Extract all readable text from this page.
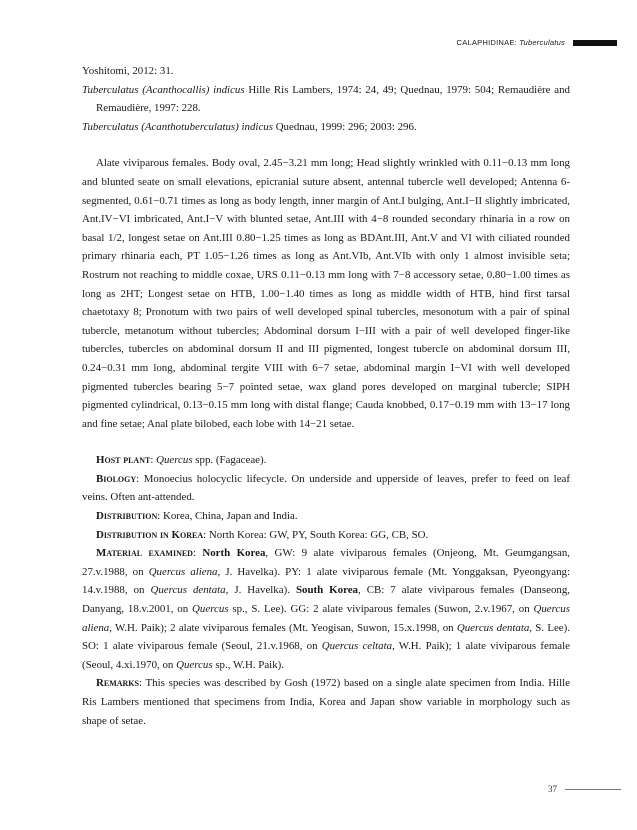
CALAPHIDINAE: Tuberculatus

Yoshitomi, 2012: 31.

Tuberculatus (Acanthocallis) indicus Hille Ris Lambers, 1974: 24, 49; Quednau, 1979: 504; Remaudière and Remaudière, 1997: 228.

Tuberculatus (Acanthotuberculatus) indicus Quednau, 1999: 296; 2003: 296.

Alate viviparous females. Body oval, 2.45−3.21 mm long; Head slightly wrinkled with 0.11−0.13 mm long and blunted seate on small elevations, epicranial suture absent, antennal tubercle well developed; Antenna 6-segmented, 0.61−0.71 times as long as body length, inner margin of Ant.I bulging, Ant.I−II slightly imbricated, Ant.IV−VI imbricated, Ant.I−V with blunted setae, Ant.III with 4−8 rounded secondary rhinaria in a row on basal 1/2, longest setae on Ant.III 0.80−1.25 times as long as BDAnt.III, Ant.V and VI with ciliated rounded primary rhinaria each, PT 1.05−1.26 times as long as Ant.VIb, Ant.VIb with only 1 almost invisible seta; Rostrum not reaching to middle coxae, URS 0.11−0.13 mm long with 7−8 accessory setae, 0.80−1.00 times as long as 2HT; Longest setae on HTB, 1.00−1.40 times as long as middle width of HTB, hind first tarsal chaetotaxy 8; Pronotum with two pairs of well developed spinal tubercles, mesonotum with a pair of spinal tubercle, metanotum without tubercles; Abdominal dorsum I−III with a pair of well developed finger-like tubercles, tubercles on abdominal dorsum II and III pigmented, longest tubercle on abdominal dorsum III, 0.24−0.31 mm long, abdominal tergite VIII with 6−7 setae, abdominal margin I−VI with well developed pigmented tubercles bearing 5−7 pointed setae, wax gland pores developed on marginal tubercle; SIPH pigmented cylindrical, 0.13−0.15 mm long with distal flange; Cauda knobbed, 0.17−0.19 mm with 13−17 long and fine setae; Anal plate bilobed, each lobe with 14−21 setae.

Host plant: Quercus spp. (Fagaceae).

Biology: Monoecius holocyclic lifecycle. On underside and upperside of leaves, prefer to feed on leaf veins. Often ant-attended.

Distribution: Korea, China, Japan and India.

Distribution in Korea: North Korea: GW, PY, South Korea: GG, CB, SO.

Material examined: North Korea, GW: 9 alate viviparous females (Onjeong, Mt. Geumgangsan, 27.v.1988, on Quercus aliena, J. Havelka). PY: 1 alate viviparous female (Mt. Yonggaksan, Pyeongyang: 14.v.1988, on Quercus dentata, J. Havelka). South Korea, CB: 7 alate viviparous females (Danseong, Danyang, 18.v.2001, on Quercus sp., S. Lee). GG: 2 alate viviparous females (Suwon, 2.v.1967, on Quercus aliena, W.H. Paik); 2 alate viviparous females (Mt. Yeogisan, Suwon, 15.x.1998, on Quercus dentata, S. Lee). SO: 1 alate viviparous female (Seoul, 21.v.1968, on Quercus celtata, W.H. Paik); 1 alate viviparous female (Seoul, 4.xi.1970, on Quercus sp., W.H. Paik).

Remarks: This species was described by Gosh (1972) based on a single alate specimen from India. Hille Ris Lambers mentioned that specimens from India, Korea and Japan show variable in morphology such as shape of setae.

37
